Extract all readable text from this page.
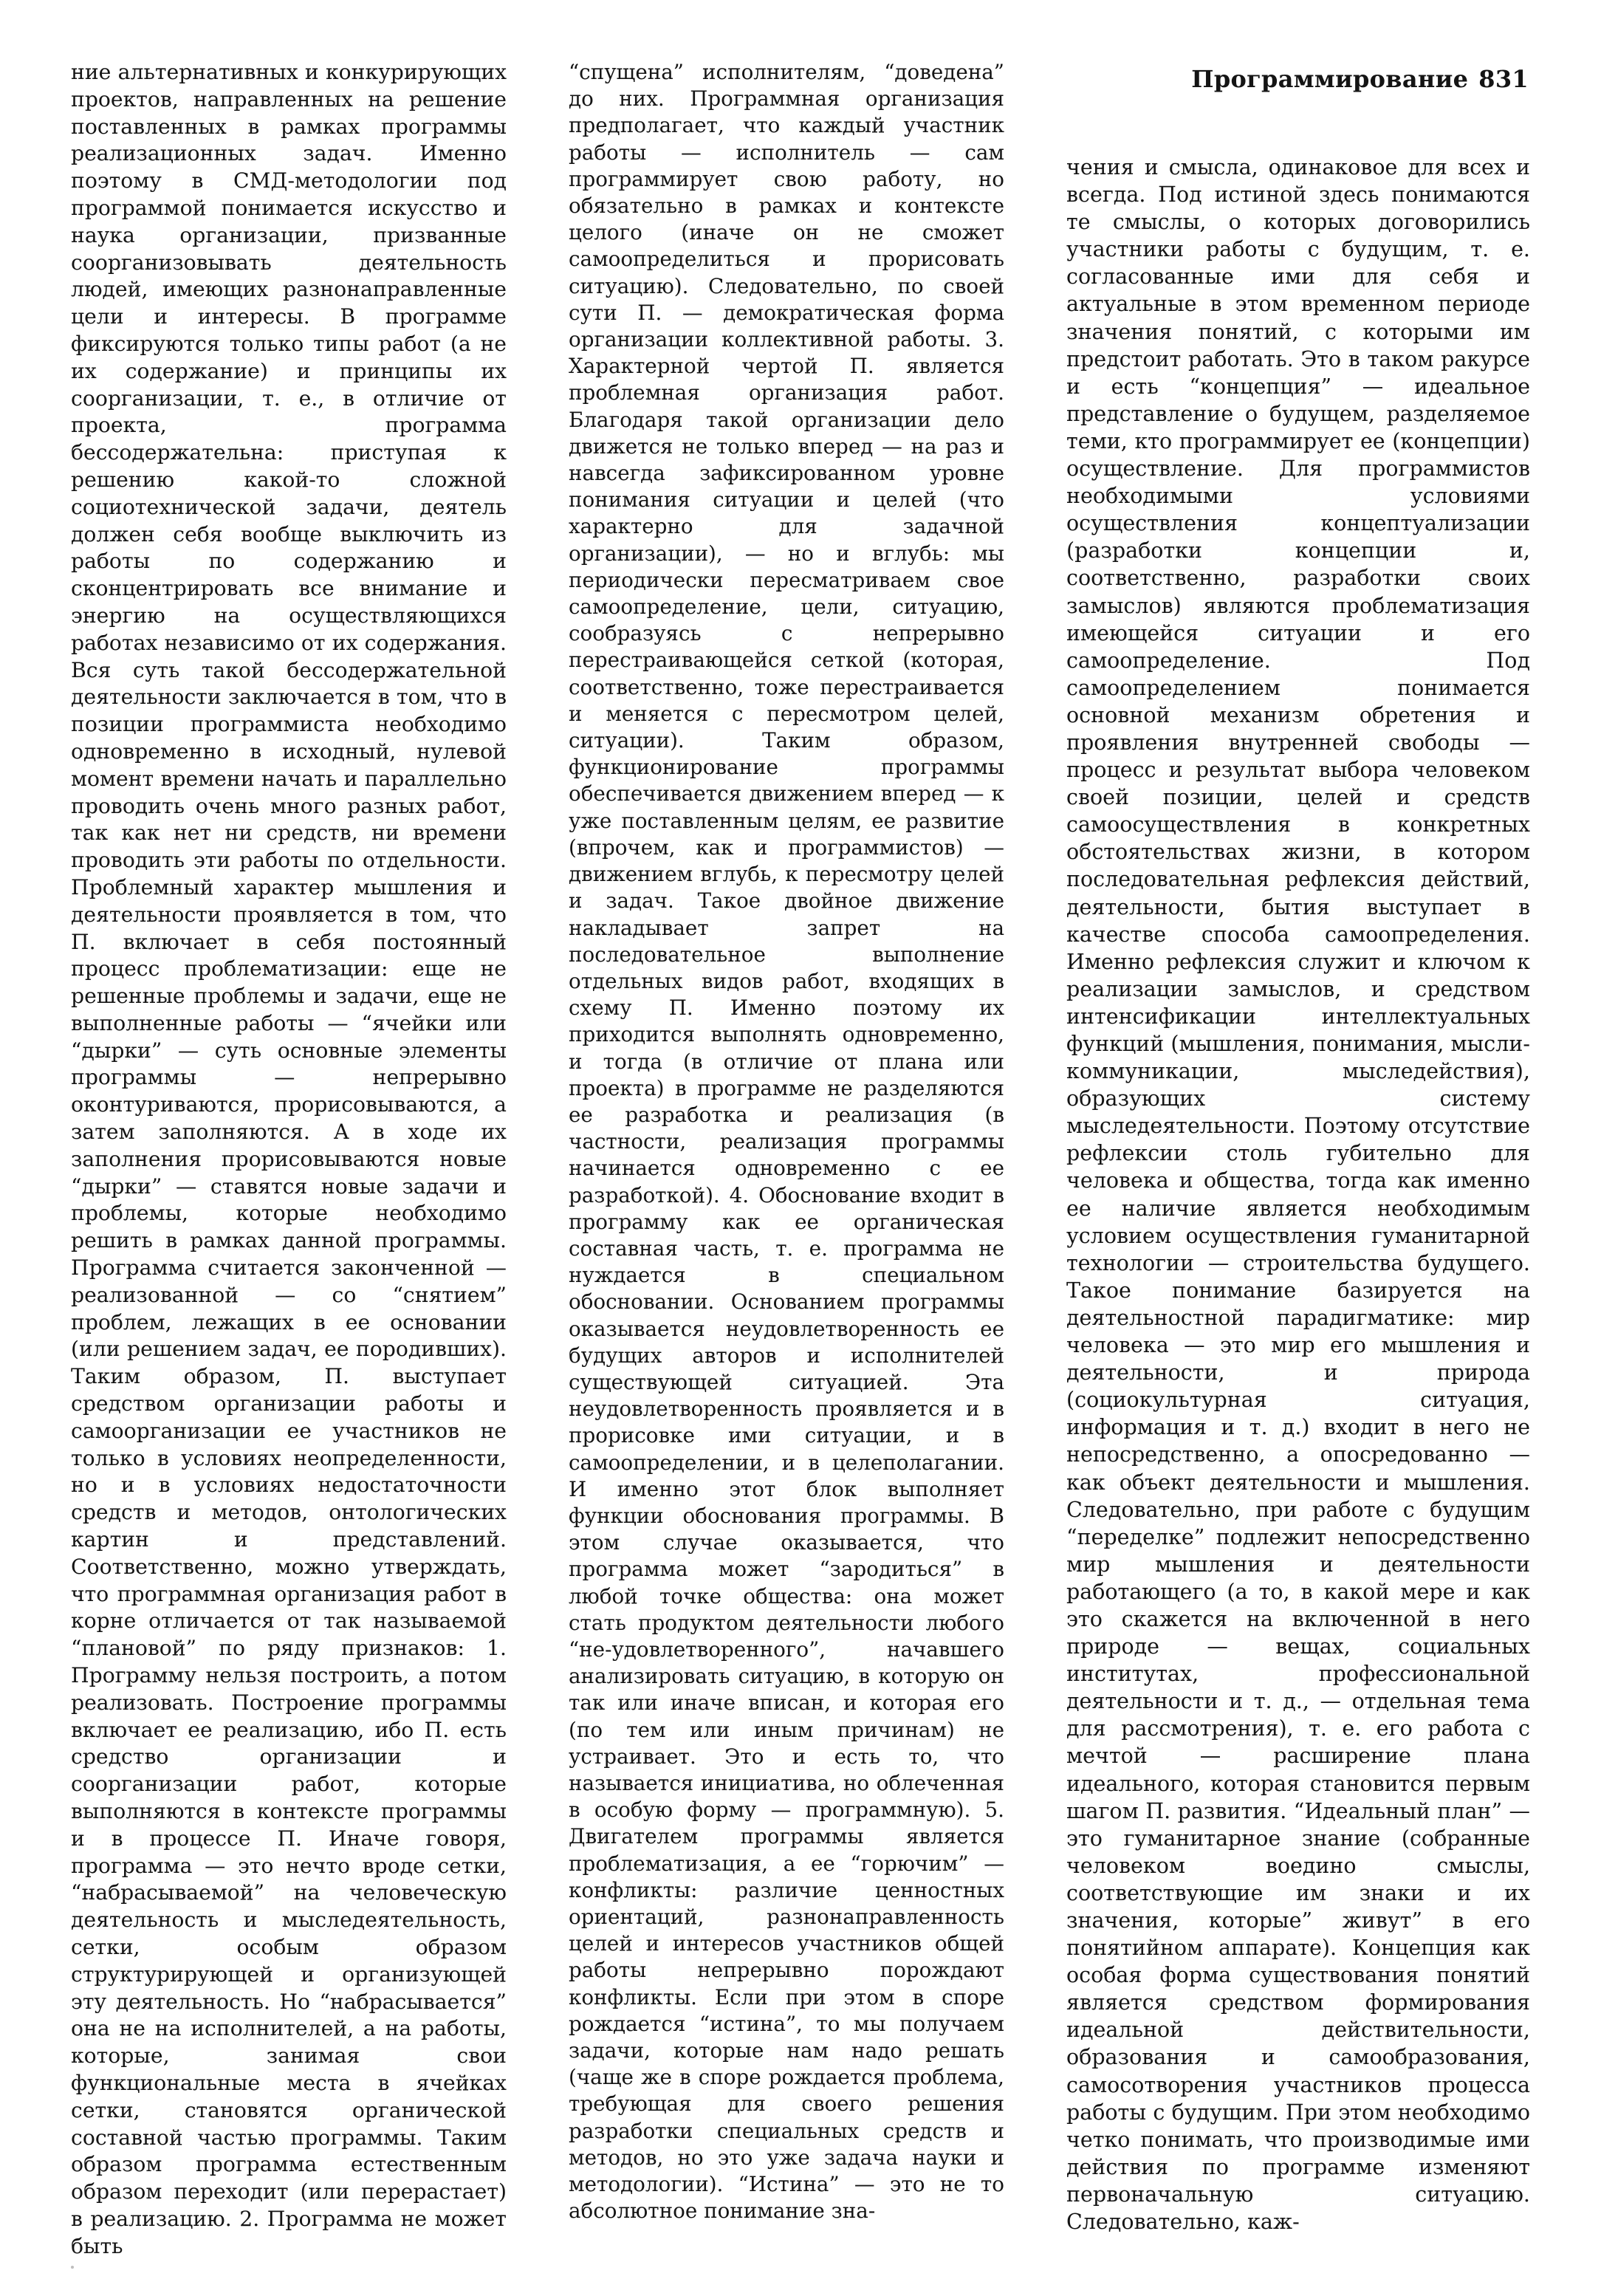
Программирование 831

ние альтернативных и конкурирующих проектов, направленных на решение поставленных в рамках программы реализационных задач. Именно поэтому в СМД-методологии под программой понимается искусство и наука организации, призванные соорганизовывать деятельность людей, имеющих разнонаправленные цели и интересы. В программе фиксируются только типы работ (а не их содержание) и принципы их соорганизации, т. е., в отличие от проекта, программа бессодержательна: приступая к решению какой-то сложной социотехнической задачи, деятель должен себя вообще выключить из работы по содержанию и сконцентрировать все внимание и энергию на осуществляющихся работах независимо от их содержания. Вся суть такой бессодержательной деятельности заключается в том, что в позиции программиста необходимо одновременно в исходный, нулевой момент времени начать и параллельно проводить очень много разных работ, так как нет ни средств, ни времени проводить эти работы по отдельности. Проблемный характер мышления и деятельности проявляется в том, что П. включает в себя постоянный процесс проблематизации: еще не решенные проблемы и задачи, еще не выполненные работы — “ячейки или “дырки” — суть основные элементы программы — непрерывно оконтуриваются, прорисовываются, а затем заполняются. А в ходе их заполнения прорисовываются новые “дырки” — ставятся новые задачи и проблемы, которые необходимо решить в рамках данной программы. Программа считается законченной — реализованной — со “снятием” проблем, лежащих в ее основании (или решением задач, ее породивших). Таким образом, П. выступает средством организации работы и самоорганизации ее участников не только в условиях неопределенности, но и в условиях недостаточности средств и методов, онтологических картин и представлений. Соответственно, можно утверждать, что программная организация работ в корне отличается от так называемой “плановой” по ряду признаков: 1. Программу нельзя построить, а потом реализовать. Построение программы включает ее реализацию, ибо П. есть средство организации и соорганизации работ, которые выполняются в контексте программы и в процессе П. Иначе говоря, программа — это нечто вроде сетки, “набрасываемой” на человеческую деятельность и мыследеятельность, сетки, особым образом структурирующей и организующей эту деятельность. Но “набрасывается” она не на исполнителей, а на работы, которые, занимая свои функциональные места в ячейках сетки, становятся органической составной частью программы. Таким образом программа естественным образом переходит (или перерастает) в реализацию. 2. Программа не может быть

“спущена” исполнителям, “доведена” до них. Программная организация предполагает, что каждый участник работы — исполнитель — сам программирует свою работу, но обязательно в рамках и контексте целого (иначе он не сможет самоопределиться и прорисовать ситуацию). Следовательно, по своей сути П. — демократическая форма организации коллективной работы. 3. Характерной чертой П. является проблемная организация работ. Благодаря такой организации дело движется не только вперед — на раз и навсегда зафиксированном уровне понимания ситуации и целей (что характерно для задачной организации), — но и вглубь: мы периодически пересматриваем свое самоопределение, цели, ситуацию, сообразуясь с непрерывно перестраивающейся сеткой (которая, соответственно, тоже перестраивается и меняется с пересмотром целей, ситуации). Таким образом, функционирование программы обеспечивается движением вперед — к уже поставленным целям, ее развитие (впрочем, как и программистов) — движением вглубь, к пересмотру целей и задач. Такое двойное движение накладывает запрет на последовательное выполнение отдельных видов работ, входящих в схему П. Именно поэтому их приходится выполнять одновременно, и тогда (в отличие от плана или проекта) в программе не разделяются ее разработка и реализация (в частности, реализация программы начинается одновременно с ее разработкой). 4. Обоснование входит в программу как ее органическая составная часть, т. е. программа не нуждается в специальном обосновании. Основанием программы оказывается неудовлетворенность ее будущих авторов и исполнителей существующей ситуацией. Эта неудовлетворенность проявляется и в прорисовке ими ситуации, и в самоопределении, и в целеполагании. И именно этот блок выполняет функции обоснования программы. В этом случае оказывается, что программа может “зародиться” в любой точке общества: она может стать продуктом деятельности любого “не-удовлетворенного”, начавшего анализировать ситуацию, в которую он так или иначе вписан, и которая его (по тем или иным причинам) не устраивает. Это и есть то, что называется инициатива, но облеченная в особую форму — программную). 5. Двигателем программы является проблематизация, а ее “горючим” — конфликты: различие ценностных ориентаций, разнонаправленность целей и интересов участников общей работы непрерывно порождают конфликты. Если при этом в споре рождается “истина”, то мы получаем задачи, которые нам надо решать (чаще же в споре рождается проблема, требующая для своего решения разработки специальных средств и методов, но это уже задача науки и методологии). “Истина” — это не то абсолютное понимание зна-

чения и смысла, одинаковое для всех и всегда. Под истиной здесь понимаются те смыслы, о которых договорились участники работы с будущим, т. е. согласованные ими для себя и актуальные в этом временном периоде значения понятий, с которыми им предстоит работать. Это в таком ракурсе и есть “концепция” — идеальное представление о будущем, разделяемое теми, кто программирует ее (концепции) осуществление. Для программистов необходимыми условиями осуществления концептуализации (разработки концепции и, соответственно, разработки своих замыслов) являются проблематизация имеющейся ситуации и его самоопределение. Под самоопределением понимается основной механизм обретения и проявления внутренней свободы — процесс и результат выбора человеком своей позиции, целей и средств самоосуществления в конкретных обстоятельствах жизни, в котором последовательная рефлексия действий, деятельности, бытия выступает в качестве способа самоопределения. Именно рефлексия служит и ключом к реализации замыслов, и средством интенсификации интеллектуальных функций (мышления, понимания, мысли-коммуникации, мыследействия), образующих систему мыследеятельности. Поэтому отсутствие рефлексии столь губительно для человека и общества, тогда как именно ее наличие является необходимым условием осуществления гуманитарной технологии — строительства будущего. Такое понимание базируется на деятельностной парадигматике: мир человека — это мир его мышления и деятельности, и природа (социокультурная ситуация, информация и т. д.) входит в него не непосредственно, а опосредованно — как объект деятельности и мышления. Следовательно, при работе с будущим “переделке” подлежит непосредственно мир мышления и деятельности работающего (а то, в какой мере и как это скажется на включенной в него природе — вещах, социальных институтах, профессиональной деятельности и т. д., — отдельная тема для рассмотрения), т. е. его работа с мечтой — расширение плана идеального, которая становится первым шагом П. развития. “Идеальный план” — это гуманитарное знание (собранные человеком воедино смыслы, соответствующие им знаки и их значения, которые” живут” в его понятийном аппарате). Концепция как особая форма существования понятий является средством формирования идеальной действительности, образования и самообразования, самосотворения участников процесса работы с будущим. При этом необходимо четко понимать, что производимые ими действия по программе изменяют первоначальную ситуацию. Следовательно, каж-
